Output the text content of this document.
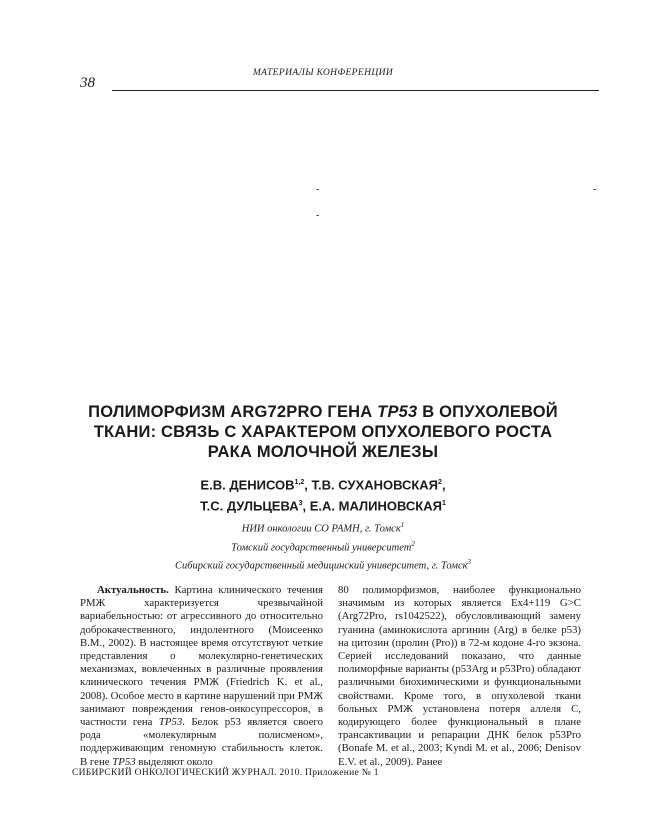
МАТЕРИАЛЫ КОНФЕРЕНЦИИ
38
-	-
-
ПОЛИМОРФИЗМ ARG72PRO ГЕНА TP53 В ОПУХОЛЕВОЙ
ТКАНИ: СВЯЗЬ С ХАРАКТЕРОМ ОПУХОЛЕВОГО РОСТА
РАКА МОЛОЧНОЙ ЖЕЛЕЗЫ
Е.В. ДЕНИСОВ$^{1,2}$, Т.В. СУХАНОВСКАЯ$^2$,
Т.С. ДУЛЬЦЕВА$^3$, Е.А. МАЛИНОВСКАЯ$^1$
НИИ онкологии СО РАМН, г. Томск$^1$
Томский государственный университет$^2$
Сибирский государственный медицинский университет, г. Томск$^3$

Актуальность. Картина клинического течения РМЖ характеризуется чрезвычайной вариабельностью: от агрессивного до относительно доброкачественного, индолентного (Моисеенко В.М., 2002). В настоящее время отсутствуют четкие представления о молекулярно-генетических механизмах, вовлеченных в различные проявления клинического течения РМЖ (Friedrich K. et al., 2008). Особое место в картине нарушений при РМЖ занимают повреждения генов-онкосупрессоров, в частности гена TP53. Белок p53 является своего рода «молекулярным полисменом», поддерживающим геномную стабильность клеток. В гене TP53 выделяют около

80 полиморфизмов, наиболее функционально значимым из которых является Ex4+119 G>C (Arg72Pro, rs1042522), обусловливающий замену гуанина (аминокислота аргинин (Arg) в белке p53) на цитозин (пролин (Pro)) в 72-м кодоне 4-го экзона. Серией исследований показано, что данные полиморфные варианты (p53Arg и p53Pro) обладают различными биохимическими и функциональными свойствами. Кроме того, в опухолевой ткани больных РМЖ установлена потеря аллеля С, кодирующего более функциональный в плане трансактивации и репарации ДНК белок p53Pro (Bonafe M. et al., 2003; Kyndi M. et al., 2006; Denisov E.V. et al., 2009). Ранее

СИБИРСКИЙ ОНКОЛОГИЧЕСКИЙ ЖУРНАЛ. 2010. Приложение № 1
